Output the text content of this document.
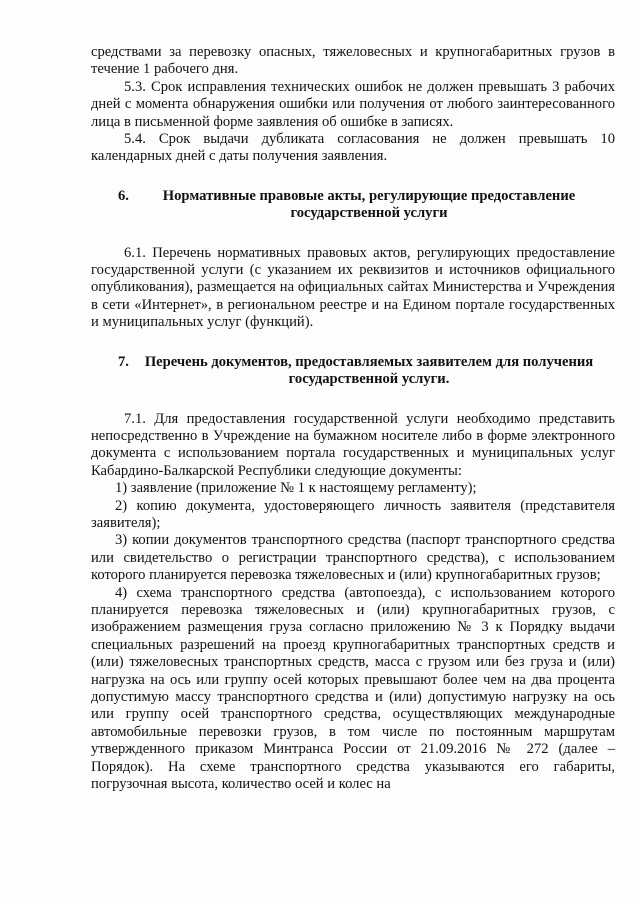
средствами за перевозку опасных, тяжеловесных и крупногабаритных грузов в течение 1 рабочего дня.

5.3. Срок исправления технических ошибок не должен превышать 3 рабочих дней с момента обнаружения ошибки или получения от любого заинтересованного лица в письменной форме заявления об ошибке в записях.

5.4. Срок выдачи дубликата согласования не должен превышать 10 календарных дней с даты получения заявления.

6. Нормативные правовые акты, регулирующие предоставление государственной услуги

6.1. Перечень нормативных правовых актов, регулирующих предоставление государственной услуги (с указанием их реквизитов и источников официального опубликования), размещается на официальных сайтах Министерства и Учреждения в сети «Интернет», в региональном реестре и на Едином портале государственных и муниципальных услуг (функций).

7. Перечень документов, предоставляемых заявителем для получения государственной услуги.

7.1. Для предоставления государственной услуги необходимо представить непосредственно в Учреждение на бумажном носителе либо в форме электронного документа с использованием портала государственных и муниципальных услуг Кабардино-Балкарской Республики следующие документы:

1) заявление (приложение № 1 к настоящему регламенту);

2) копию документа, удостоверяющего личность заявителя (представителя заявителя);

3) копии документов транспортного средства (паспорт транспортного средства или свидетельство о регистрации транспортного средства), с использованием которого планируется перевозка тяжеловесных и (или) крупногабаритных грузов;

4) схема транспортного средства (автопоезда), с использованием которого планируется перевозка тяжеловесных и (или) крупногабаритных грузов, с изображением размещения груза согласно приложению № 3 к Порядку выдачи специальных разрешений на проезд крупногабаритных транспортных средств и (или) тяжеловесных транспортных средств, масса с грузом или без груза и (или) нагрузка на ось или группу осей которых превышают более чем на два процента допустимую массу транспортного средства и (или) допустимую нагрузку на ось или группу осей транспортного средства, осуществляющих международные автомобильные перевозки грузов, в том числе по постоянным маршрутам утвержденного приказом Минтранса России от 21.09.2016 № 272 (далее – Порядок). На схеме транспортного средства указываются его габариты, погрузочная высота, количество осей и колес на
